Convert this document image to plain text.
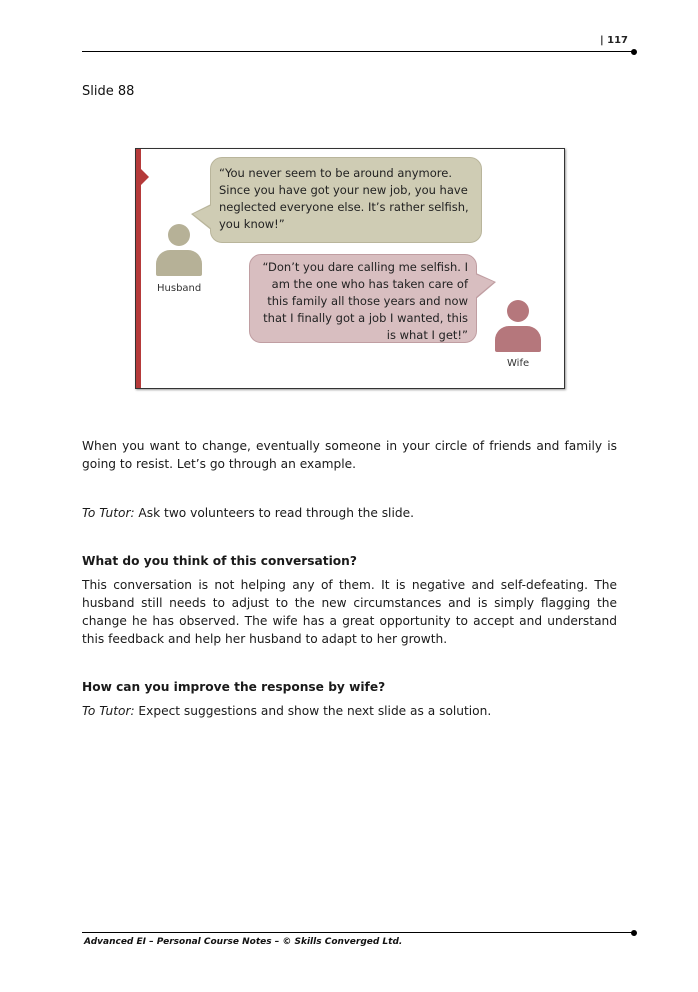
| 117
Slide 88
“You never seem to be around anymore. Since you have got your new job, you have neglected everyone else. It’s rather selfish, you know!”
Husband
“Don’t you dare calling me selfish. I am the one who has taken care of this family all those years and now that I finally got a job I wanted, this is what I get!”
Wife
When you want to change, eventually someone in your circle of friends and family is going to resist. Let’s go through an example.
To Tutor: Ask two volunteers to read through the slide.
What do you think of this conversation?
This conversation is not helping any of them. It is negative and self-defeating. The husband still needs to adjust to the new circumstances and is simply flagging the change he has observed. The wife has a great opportunity to accept and understand this feedback and help her husband to adapt to her growth.
How can you improve the response by wife?
To Tutor: Expect suggestions and show the next slide as a solution.
Advanced EI – Personal Course Notes – © Skills Converged Ltd.
